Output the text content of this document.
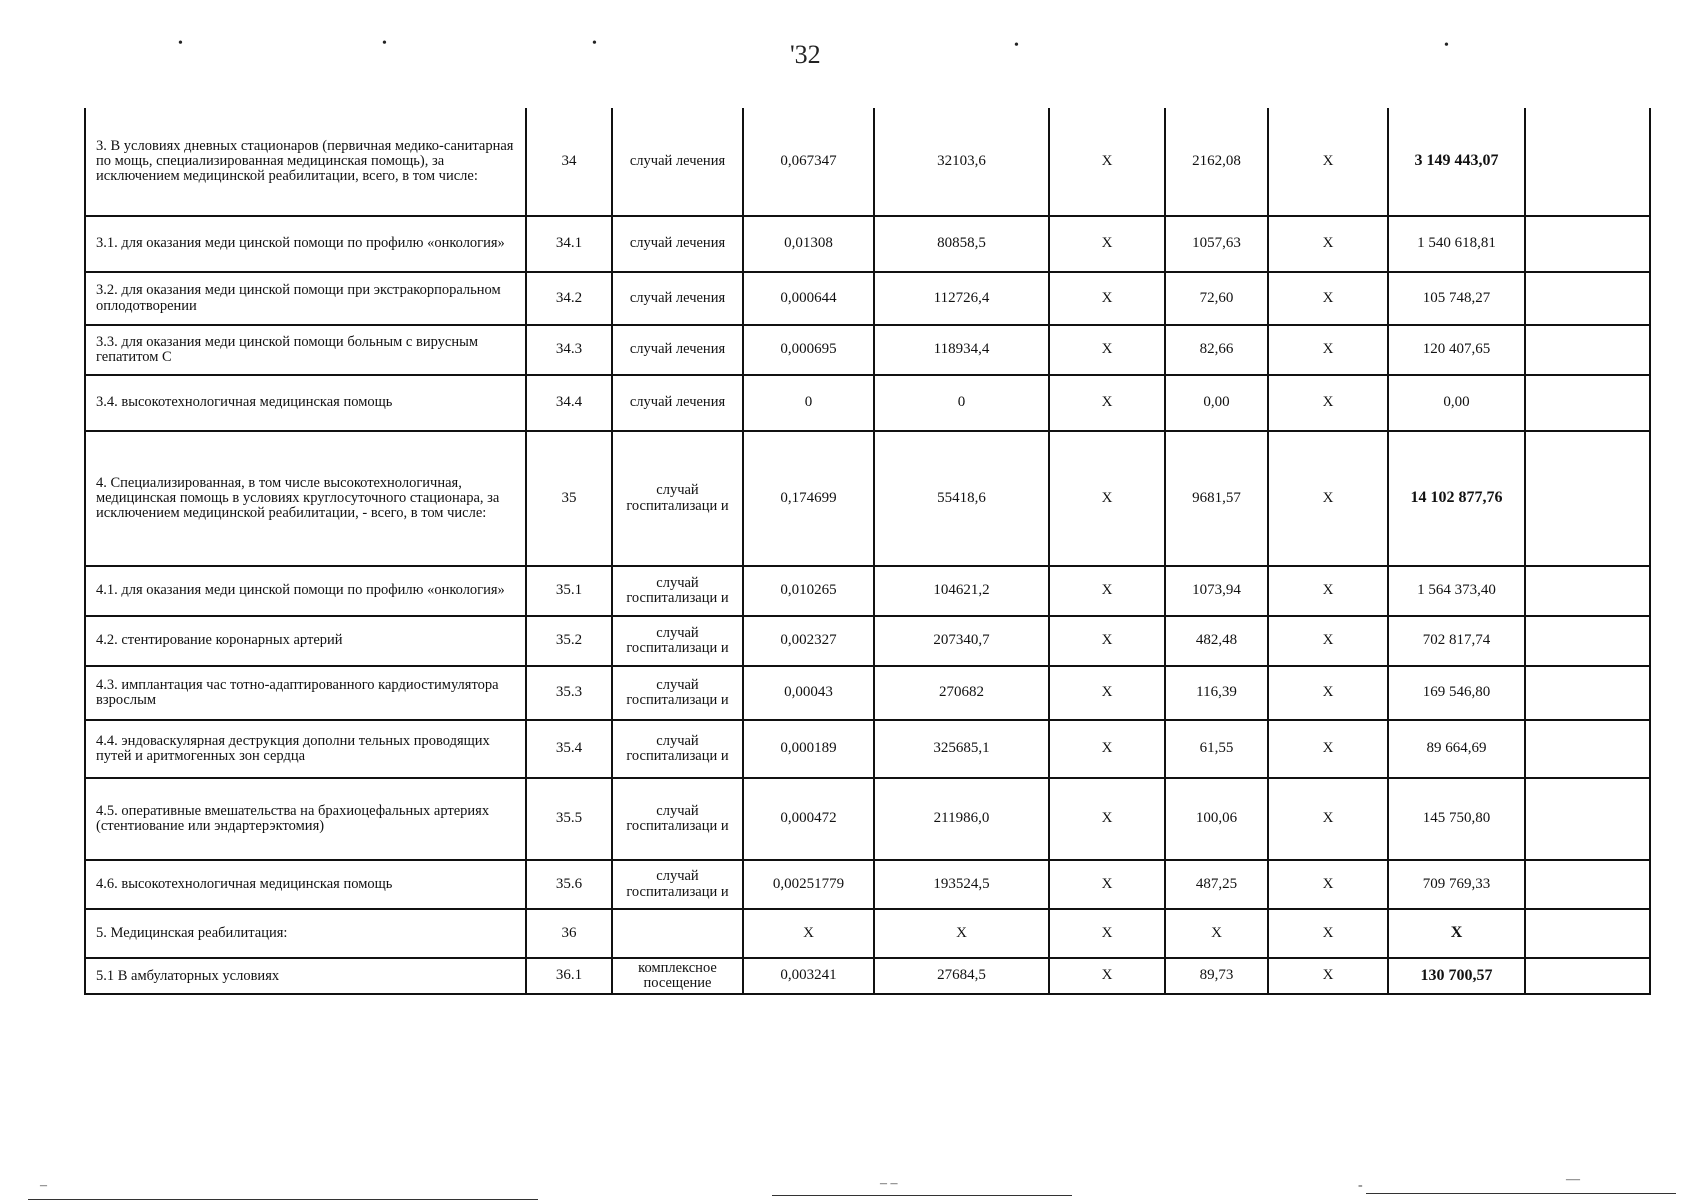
'32
•	•	•	•	•
3. В условиях дневных стационаров (первичная медико-санитарная по мощь, специализированная медицинская помощь), за исключением медицинской реабилитации, всего, в том числе:	34	случай лечения	0,067347	32103,6	X	2162,08	X	3 149 443,07	
3.1. для оказания меди цинской помощи по профилю «онкология»	34.1	случай лечения	0,01308	80858,5	X	1057,63	X	1 540 618,81	
3.2. для оказания меди цинской помощи при экстракорпоральном оплодотворении	34.2	случай лечения	0,000644	112726,4	X	72,60	X	105 748,27	
3.3. для оказания меди цинской помощи больным с вирусным гепатитом С	34.3	случай лечения	0,000695	118934,4	X	82,66	X	120 407,65	
3.4. высокотехнологичная медицинская помощь	34.4	случай лечения	0	0	X	0,00	X	0,00	
4. Специализированная, в том числе высокотехнологичная, медицинская помощь в условиях круглосуточного стационара, за исключением медицинской реабилитации, - всего, в том числе:	35	случай госпитализаци и	0,174699	55418,6	X	9681,57	X	14 102 877,76	
4.1. для оказания меди цинской помощи по профилю «онкология»	35.1	случай госпитализаци и	0,010265	104621,2	X	1073,94	X	1 564 373,40	
4.2. стентирование коронарных артерий	35.2	случай госпитализаци и	0,002327	207340,7	X	482,48	X	702 817,74	
4.3. имплантация час тотно-адаптированного кардиостимулятора взрослым	35.3	случай госпитализаци и	0,00043	270682	X	116,39	X	169 546,80	
4.4. эндоваскулярная деструкция дополни тельных проводящих путей и аритмогенных зон сердца	35.4	случай госпитализаци и	0,000189	325685,1	X	61,55	X	89 664,69	
4.5. оперативные вмешательства на брахиоцефальных артериях (стентиование или эндартерэктомия)	35.5	случай госпитализаци и	0,000472	211986,0	X	100,06	X	145 750,80	
4.6. высокотехнологичная медицинская помощь	35.6	случай госпитализаци и	0,00251779	193524,5	X	487,25	X	709 769,33	
5. Медицинская реабилитация:	36		X	X	X	X	X	X	
5.1 В амбулаторных условиях	36.1	комплексное посещение	0,003241	27684,5	X	89,73	X	130 700,57	
–	– –	-	—
